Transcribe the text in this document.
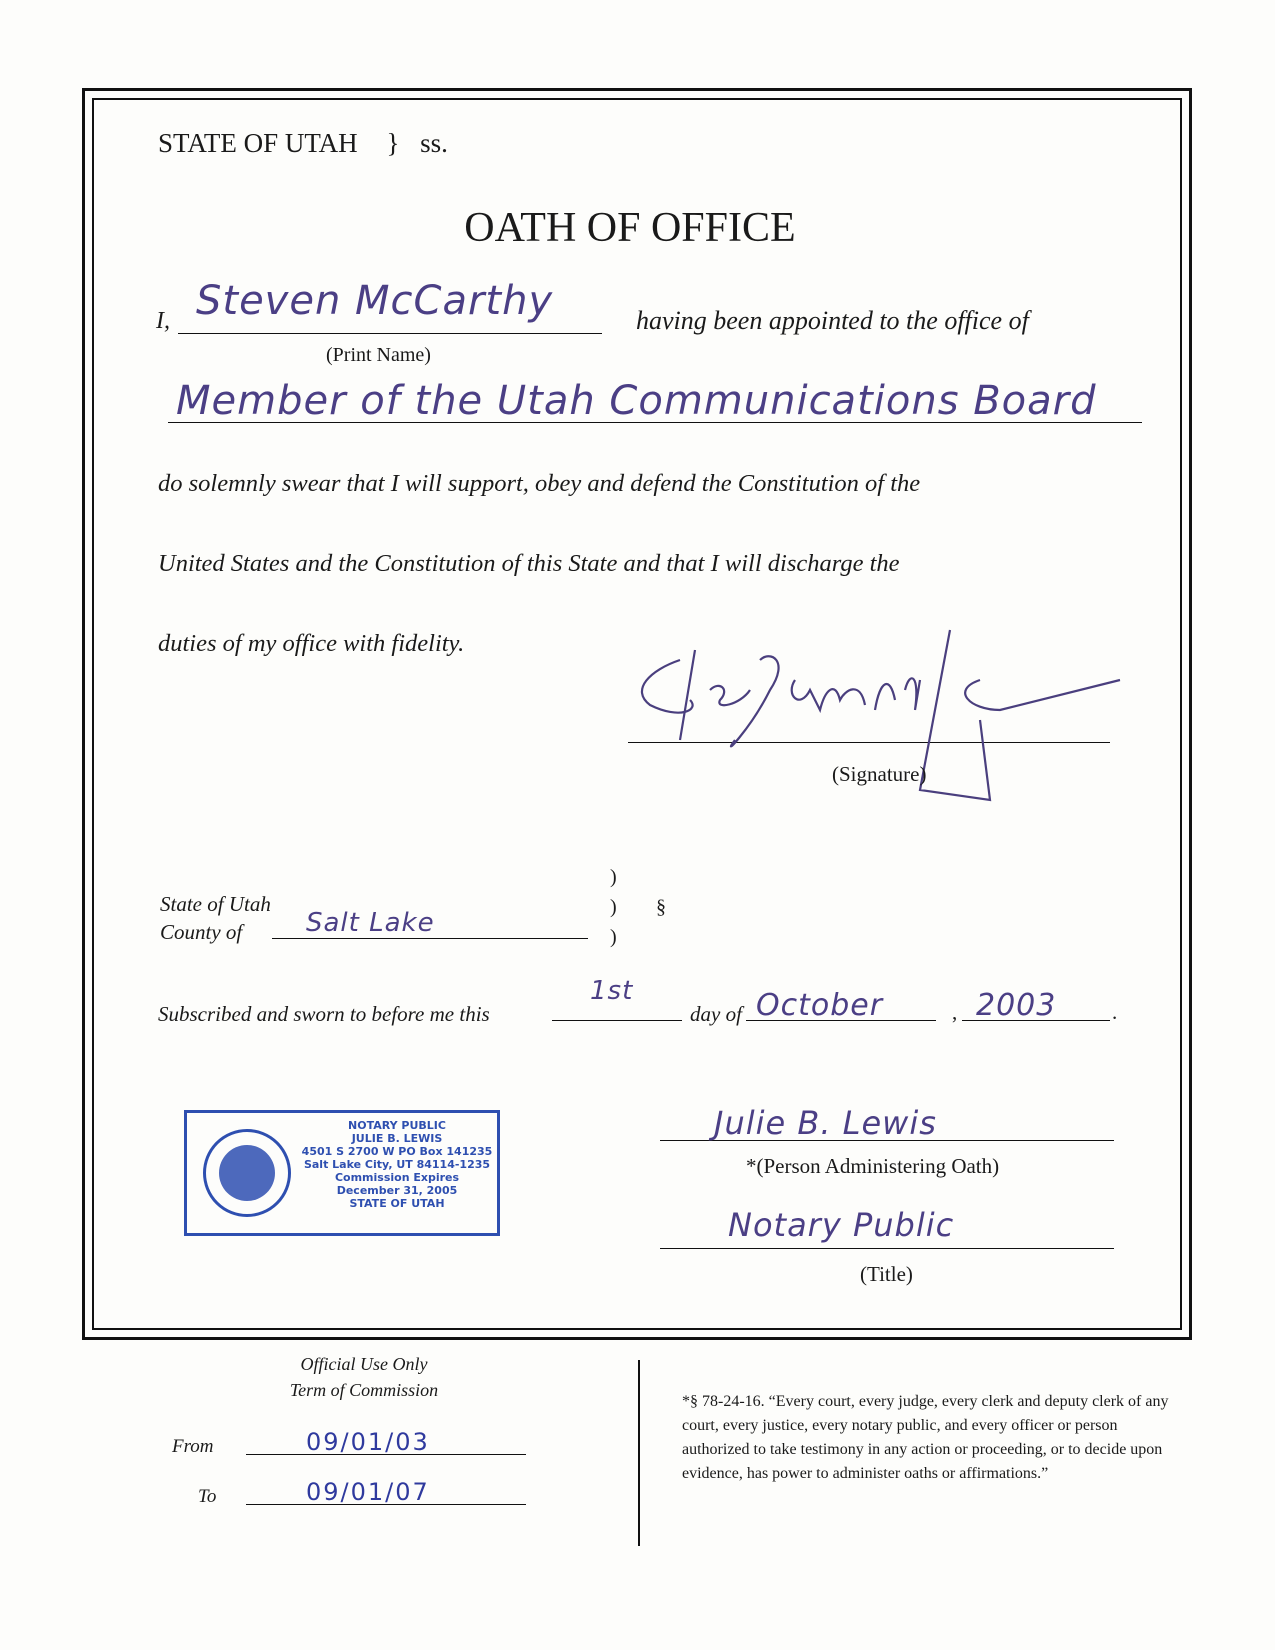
STATE OF UTAH } ss.
OATH OF OFFICE
I, Steven McCarthy
(Print Name)
having been appointed to the office of
Member of the Utah Communications Board
do solemnly swear that I will support, obey and defend the Constitution of the
United States and the Constitution of this State and that I will discharge the
duties of my office with fidelity.
(Signature)
State of Utah
County of Salt Lake
)
)
)
§
Subscribed and sworn to before me this
1st
day of October	, 2003	.
NOTARY PUBLIC
JULIE B. LEWIS
4501 S 2700 W PO Box 141235
Salt Lake City, UT 84114-1235
Commission Expires
December 31, 2005
STATE OF UTAH
Julie B. Lewis
*(Person Administering Oath)
Notary Public
(Title)
Official Use Only
Term of Commission
From	09/01/03
To	09/01/07
*§ 78-24-16. “Every court, every judge, every clerk and deputy clerk of any court, every justice, every notary public, and every officer or person authorized to take testimony in any action or proceeding, or to decide upon evidence, has power to administer oaths or affirmations.”
